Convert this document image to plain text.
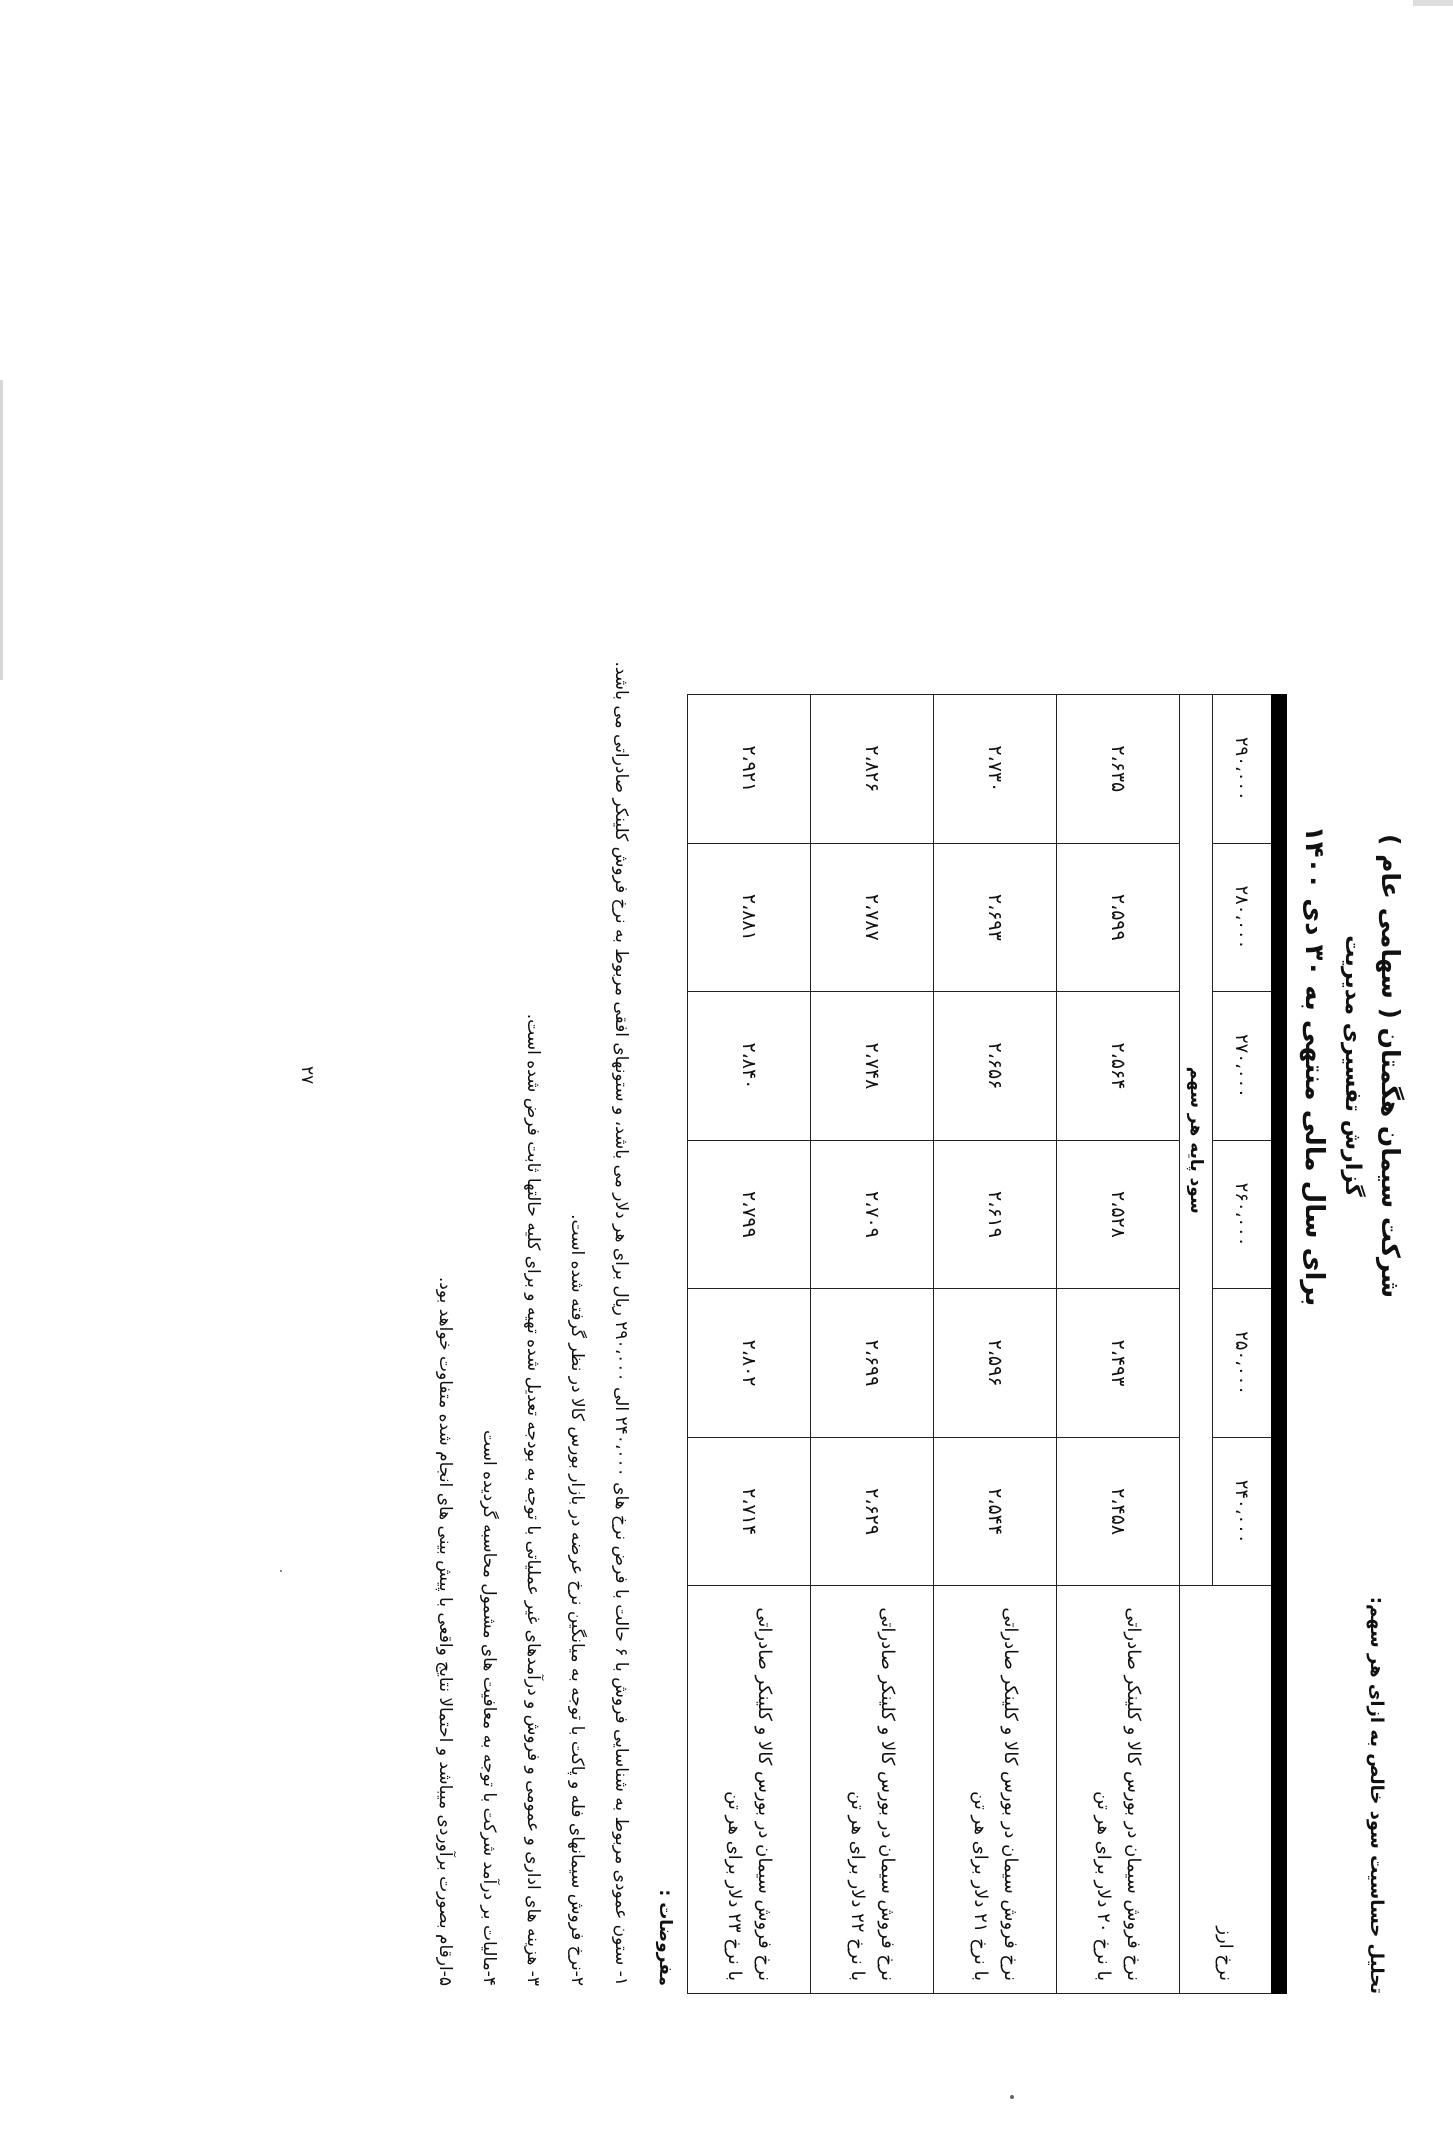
شرکت سیمان هگمتان ( سهامی عام )
گزارش تفسیری مدیریت
برای سال مالی منتهی به ۳۰ دی ۱۴۰۰
تحلیل حساسیت سود خالص به ازای هر سهم:

نرخ ارز	۲۴۰،۰۰۰	۲۵۰،۰۰۰	۲۶۰،۰۰۰	۲۷۰،۰۰۰	۲۸۰،۰۰۰	۲۹۰،۰۰۰
	سود پایه هر سهم					
نرخ فروش سیمان در بورس کالا و کلینکر صادراتی با نرخ ۲۰ دلار برای هر تن	۲،۴۵۸	۲،۴۹۳	۲،۵۲۸	۲،۵۶۴	۲،۵۹۹	۲،۶۳۵
نرخ فروش سیمان در بورس کالا و کلینکر صادراتی با نرخ ۲۱ دلار برای هر تن	۲،۵۴۴	۲،۵۹۶	۲،۶۱۹	۲،۶۵۶	۲،۶۹۳	۲،۷۳۰
نرخ فروش سیمان در بورس کالا و کلینکر صادراتی با نرخ ۲۲ دلار برای هر تن	۲،۶۲۹	۲،۶۹۹	۲،۷۰۹	۲،۷۴۸	۲،۷۸۷	۲،۸۲۶
نرخ فروش سیمان در بورس کالا و کلینکر صادراتی با نرخ ۲۳ دلار برای هر تن	۲،۷۱۴	۲،۸۰۲	۲،۷۹۹	۲،۸۴۰	۲،۸۸۱	۲،۹۲۱
مفروضات :
۱- ستون عمودی مربوط به شناسایی فروش با ۶ حالت با فرض نرخ های ۲۴۰،۰۰۰ الی ۲۹۰،۰۰۰ ریال برای هر دلار می باشد، و ستونهای افقی مربوط به نرخ فروش کلینکر صادراتی می باشد.
۲-نرخ فروش سیمانهای فله و پاکت با توجه به میانگین نرخ عرضه در بازار بورس کالا در نظر گرفته شده است.
۳- هزینه های اداری و عمومی و فروش و درآمدهای غیر عملیاتی با توجه به بودجه تعدیل شده تهیه و برای کلیه حالتها ثابت فرض شده است.
۴-مالیات بر درآمد شرکت با توجه به معافیت های مشمول محاسبه گردیده است
۵-ارقام بصورت برآوردی میباشد و احتمالا نتایج واقعی با پیش بینی های انجام شده متفاوت خواهد بود.
۲۷
